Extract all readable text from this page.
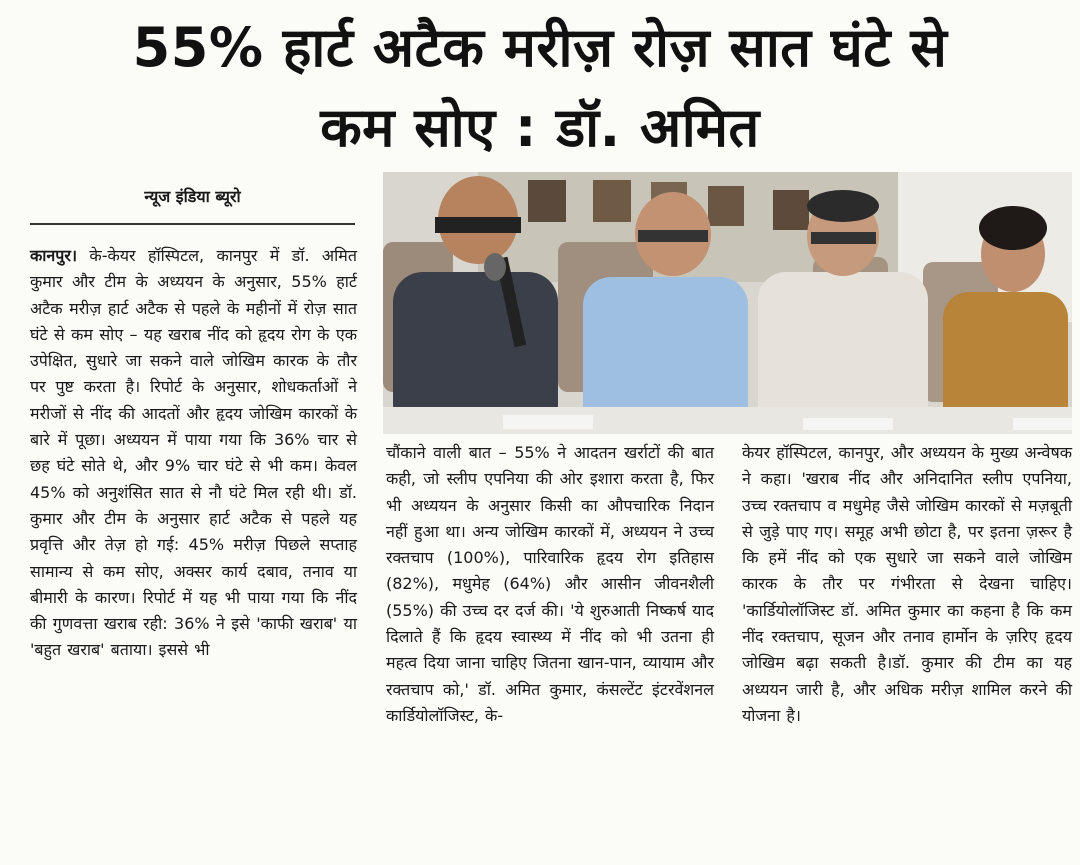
55% हार्ट अटैक मरीज़ रोज़ सात घंटे से
कम सोए : डॉ. अमित
न्यूज इंडिया ब्यूरो
कानपुर। के-केयर हॉस्पिटल, कानपुर में डॉ. अमित कुमार और टीम के अध्ययन के अनुसार, 55% हार्ट अटैक मरीज़ हार्ट अटैक से पहले के महीनों में रोज़ सात घंटे से कम सोए – यह खराब नींद को हृदय रोग के एक उपेक्षित, सुधारे जा सकने वाले जोखिम कारक के तौर पर पुष्ट करता है। रिपोर्ट के अनुसार, शोधकर्ताओं ने मरीजों से नींद की आदतों और हृदय जोखिम कारकों के बारे में पूछा। अध्ययन में पाया गया कि 36% चार से छह घंटे सोते थे, और 9% चार घंटे से भी कम। केवल 45% को अनुशंसित सात से नौ घंटे मिल रही थी। डॉ. कुमार और टीम के अनुसार हार्ट अटैक से पहले यह प्रवृत्ति और तेज़ हो गई: 45% मरीज़ पिछले सप्ताह सामान्य से कम सोए, अक्सर कार्य दबाव, तनाव या बीमारी के कारण। रिपोर्ट में यह भी पाया गया कि नींद की गुणवत्ता खराब रही: 36% ने इसे 'काफी खराब' या 'बहुत खराब' बताया। इससे भी
चौंकाने वाली बात – 55% ने आदतन खर्राटों की बात कही, जो स्लीप एपनिया की ओर इशारा करता है, फिर भी अध्ययन के अनुसार किसी का औपचारिक निदान नहीं हुआ था। अन्य जोखिम कारकों में, अध्ययन ने उच्च रक्तचाप (100%), पारिवारिक हृदय रोग इतिहास (82%), मधुमेह (64%) और आसीन जीवनशैली (55%) की उच्च दर दर्ज की। 'ये शुरुआती निष्कर्ष याद दिलाते हैं कि हृदय स्वास्थ्य में नींद को भी उतना ही महत्व दिया जाना चाहिए जितना खान-पान, व्यायाम और रक्तचाप को,' डॉ. अमित कुमार, कंसल्टेंट इंटरवेंशनल कार्डियोलॉजिस्ट, के-
केयर हॉस्पिटल, कानपुर, और अध्ययन के मुख्य अन्वेषक ने कहा। 'खराब नींद और अनिदानित स्लीप एपनिया, उच्च रक्तचाप व मधुमेह जैसे जोखिम कारकों से मज़बूती से जुड़े पाए गए। समूह अभी छोटा है, पर इतना ज़रूर है कि हमें नींद को एक सुधारे जा सकने वाले जोखिम कारक के तौर पर गंभीरता से देखना चाहिए। 'कार्डियोलॉजिस्ट डॉ. अमित कुमार का कहना है कि कम नींद रक्तचाप, सूजन और तनाव हार्मोन के ज़रिए हृदय जोखिम बढ़ा सकती है।डॉ. कुमार की टीम का यह अध्ययन जारी है, और अधिक मरीज़ शामिल करने की योजना है।
